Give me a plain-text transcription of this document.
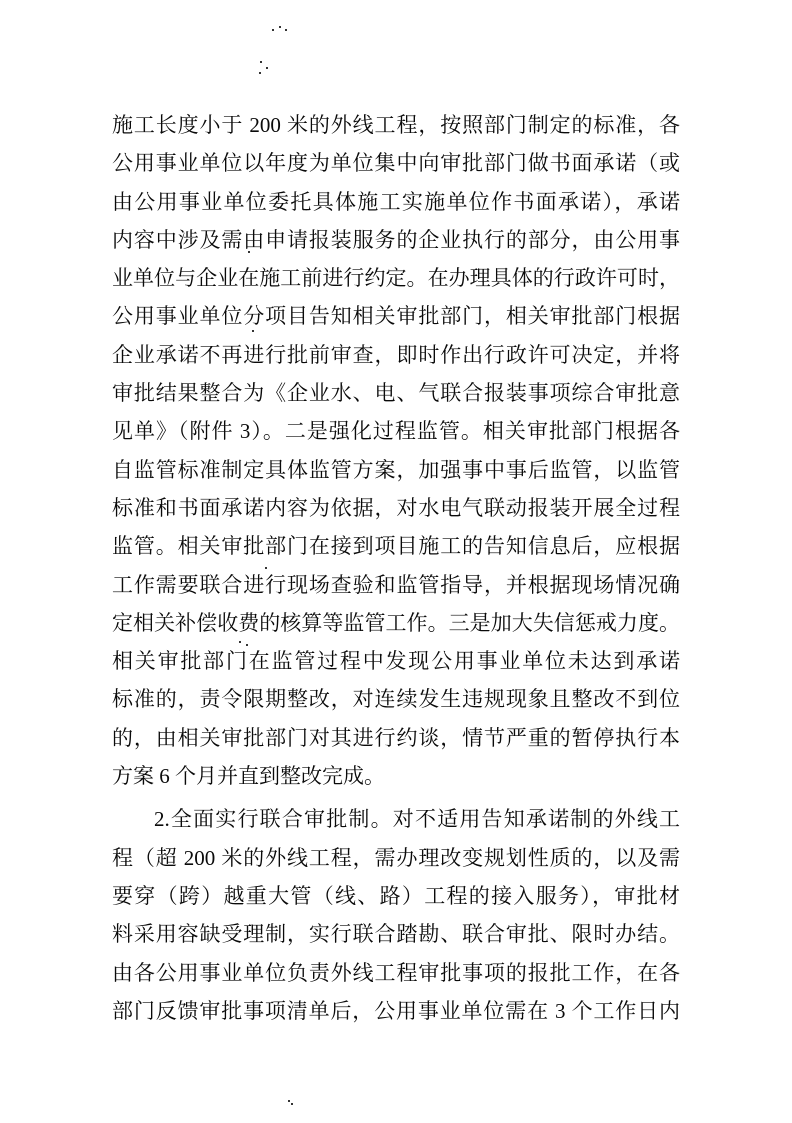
施工长度小于 200 米的外线工程，按照部门制定的标准，各
公用事业单位以年度为单位集中向审批部门做书面承诺（或
由公用事业单位委托具体施工实施单位作书面承诺），承诺
内容中涉及需由申请报装服务的企业执行的部分，由公用事
业单位与企业在施工前进行约定。在办理具体的行政许可时，
公用事业单位分项目告知相关审批部门，相关审批部门根据
企业承诺不再进行批前审查，即时作出行政许可决定，并将
审批结果整合为《企业水、电、气联合报装事项综合审批意
见单》（附件 3）。二是强化过程监管。相关审批部门根据各
自监管标准制定具体监管方案，加强事中事后监管，以监管
标准和书面承诺内容为依据，对水电气联动报装开展全过程
监管。相关审批部门在接到项目施工的告知信息后，应根据
工作需要联合进行现场查验和监管指导，并根据现场情况确
定相关补偿收费的核算等监管工作。三是加大失信惩戒力度。
相关审批部门在监管过程中发现公用事业单位未达到承诺
标准的，责令限期整改，对连续发生违规现象且整改不到位
的，由相关审批部门对其进行约谈，情节严重的暂停执行本
方案 6 个月并直到整改完成。
2.全面实行联合审批制。对不适用告知承诺制的外线工
程（超 200 米的外线工程，需办理改变规划性质的，以及需
要穿（跨）越重大管（线、路）工程的接入服务），审批材
料采用容缺受理制，实行联合踏勘、联合审批、限时办结。
由各公用事业单位负责外线工程审批事项的报批工作，在各
部门反馈审批事项清单后，公用事业单位需在 3 个工作日内
